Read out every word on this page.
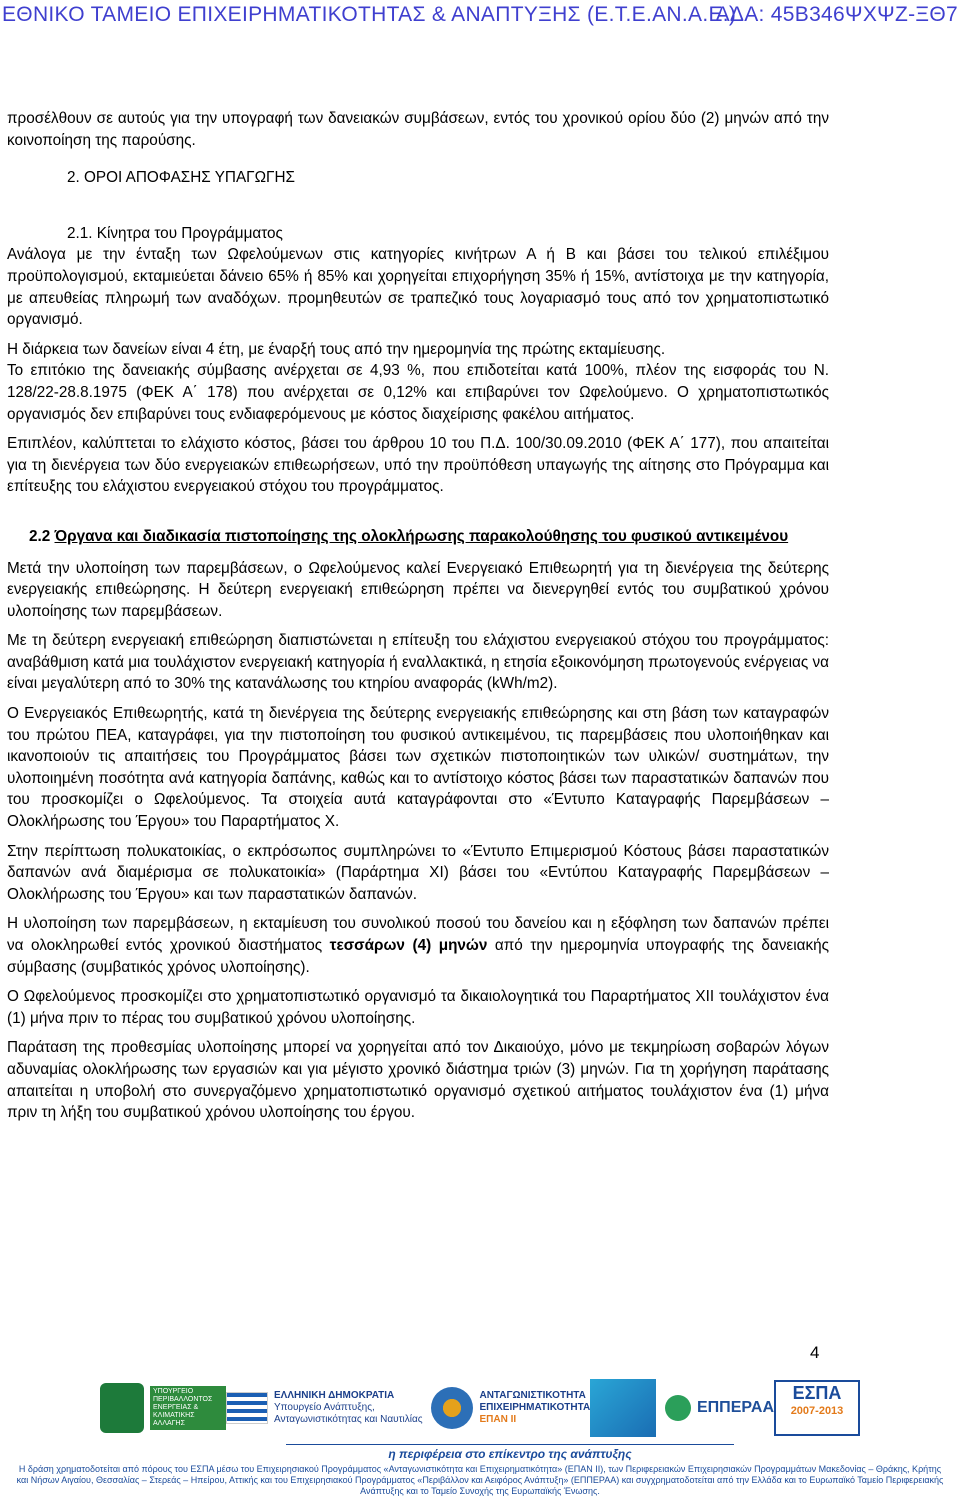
ΕΘΝΙΚΟ ΤΑΜΕΙΟ ΕΠΙΧΕΙΡΗΜΑΤΙΚΟΤΗΤΑΣ & ΑΝΑΠΤΥΞΗΣ (Ε.Τ.Ε.ΑΝ.Α.Ε.)
ΑΔΑ: 45Β346ΨΧΨΖ-ΞΘ7

προσέλθουν σε αυτούς για την υπογραφή των δανειακών συμβάσεων, εντός του χρονικού ορίου δύο (2) μηνών από την κοινοποίηση της παρούσης.

2. ΟΡΟΙ ΑΠΟΦΑΣΗΣ ΥΠΑΓΩΓΗΣ

2.1. Κίνητρα του Προγράμματος

Ανάλογα με την ένταξη των Ωφελούμενων στις κατηγορίες κινήτρων Α ή Β και βάσει του τελικού επιλέξιμου προϋπολογισμού, εκταμιεύεται δάνειο 65% ή 85% και χορηγείται επιχορήγηση 35% ή 15%, αντίστοιχα με την κατηγορία, με απευθείας πληρωμή των αναδόχων. προμηθευτών σε τραπεζικό τους λογαριασμό τους από τον χρηματοπιστωτικό οργανισμό.

Η διάρκεια των δανείων είναι 4 έτη, με έναρξή τους από την ημερομηνία της πρώτης εκταμίευσης.

Το επιτόκιο της δανειακής σύμβασης ανέρχεται σε 4,93 %, που επιδοτείται κατά 100%, πλέον της εισφοράς του Ν. 128/22-28.8.1975 (ΦΕΚ Α΄ 178) που ανέρχεται σε 0,12% και επιβαρύνει τον Ωφελούμενο. Ο χρηματοπιστωτικός οργανισμός δεν επιβαρύνει τους ενδιαφερόμενους με κόστος διαχείρισης φακέλου αιτήματος.

Επιπλέον, καλύπτεται το ελάχιστο κόστος, βάσει του άρθρου 10 του Π.Δ. 100/30.09.2010 (ΦΕΚ Α΄ 177), που απαιτείται για τη διενέργεια των δύο ενεργειακών επιθεωρήσεων, υπό την προϋπόθεση υπαγωγής της αίτησης στο Πρόγραμμα και επίτευξης του ελάχιστου ενεργειακού στόχου του προγράμματος.

2.2 Όργανα και διαδικασία πιστοποίησης της ολοκλήρωσης παρακολούθησης του φυσικού αντικειμένου

Μετά την υλοποίηση των παρεμβάσεων, ο Ωφελούμενος καλεί Ενεργειακό Επιθεωρητή για τη διενέργεια της δεύτερης ενεργειακής επιθεώρησης. Η δεύτερη ενεργειακή επιθεώρηση πρέπει να διενεργηθεί εντός του συμβατικού χρόνου υλοποίησης των παρεμβάσεων.

Με τη δεύτερη ενεργειακή επιθεώρηση διαπιστώνεται η επίτευξη του ελάχιστου ενεργειακού στόχου του προγράμματος: αναβάθμιση κατά μια τουλάχιστον ενεργειακή κατηγορία ή εναλλακτικά, η ετησία εξοικονόμηση πρωτογενούς ενέργειας να είναι μεγαλύτερη από το 30% της κατανάλωσης του κτηρίου αναφοράς (kWh/m2).

Ο Ενεργειακός Επιθεωρητής, κατά τη διενέργεια της δεύτερης ενεργειακής επιθεώρησης και στη βάση των καταγραφών του πρώτου ΠΕΑ, καταγράφει, για την πιστοποίηση του φυσικού αντικειμένου, τις παρεμβάσεις που υλοποιήθηκαν και ικανοποιούν τις απαιτήσεις του Προγράμματος βάσει των σχετικών πιστοποιητικών των υλικών/ συστημάτων, την υλοποιημένη ποσότητα ανά κατηγορία δαπάνης, καθώς και το αντίστοιχο κόστος βάσει των παραστατικών δαπανών που του προσκομίζει ο Ωφελούμενος. Τα στοιχεία αυτά καταγράφονται στο «Έντυπο Καταγραφής Παρεμβάσεων – Ολοκλήρωσης του Έργου» του Παραρτήματος Χ.

Στην περίπτωση πολυκατοικίας, ο εκπρόσωπος συμπληρώνει το «Έντυπο Επιμερισμού Κόστους βάσει παραστατικών δαπανών ανά διαμέρισμα σε πολυκατοικία» (Παράρτημα ΧΙ) βάσει του «Εντύπου Καταγραφής Παρεμβάσεων – Ολοκλήρωσης του Έργου» και των παραστατικών δαπανών.

Η υλοποίηση των παρεμβάσεων, η εκταμίευση του συνολικού ποσού του δανείου και η εξόφληση των δαπανών πρέπει να ολοκληρωθεί εντός χρονικού διαστήματος τεσσάρων (4) μηνών από την ημερομηνία υπογραφής της δανειακής σύμβασης (συμβατικός χρόνος υλοποίησης).

Ο Ωφελούμενος προσκομίζει στο χρηματοπιστωτικό οργανισμό τα δικαιολογητικά του Παραρτήματος XII τουλάχιστον ένα (1) μήνα πριν το πέρας του συμβατικού χρόνου υλοποίησης.

Παράταση της προθεσμίας υλοποίησης μπορεί να χορηγείται από τον Δικαιούχο, μόνο με τεκμηρίωση σοβαρών λόγων αδυναμίας ολοκλήρωσης των εργασιών και για μέγιστο χρονικό διάστημα τριών (3) μηνών. Για τη χορήγηση παράτασης απαιτείται η υποβολή στο συνεργαζόμενο χρηματοπιστωτικό οργανισμό σχετικού αιτήματος τουλάχιστον ένα (1) μήνα πριν τη λήξη του συμβατικού χρόνου υλοποίησης του έργου.

4
ΥΠΟΥΡΓΕΙΟ ΠΕΡΙΒΑΛΛΟΝΤΟΣ ΕΝΕΡΓΕΙΑΣ & ΚΛΙΜΑΤΙΚΗΣ ΑΛΛΑΓΗΣ
ΕΛΛΗΝΙΚΗ ΔΗΜΟΚΡΑΤΙΑ
Υπουργείο Ανάπτυξης,
Ανταγωνιστικότητας και Ναυτιλίας
ΑΝΤΑΓΩΝΙΣΤΙΚΟΤΗΤΑ
ΕΠΙΧΕΙΡΗΜΑΤΙΚΟΤΗΤΑ
ΕΠΑΝ ΙΙ
ΕΠΠΕΡΑΑ
ΕΣΠΑ
2007-2013
η περιφέρεια στο επίκεντρο της ανάπτυξης
Η δράση χρηματοδοτείται από πόρους του ΕΣΠΑ μέσω του Επιχειρησιακού Προγράμματος «Ανταγωνιστικότητα και Επιχειρηματικότητα» (ΕΠΑΝ ΙΙ), των Περιφερειακών Επιχειρησιακών Προγραμμάτων Μακεδονίας – Θράκης, Κρήτης και Νήσων Αιγαίου, Θεσσαλίας – Στερεάς – Ηπείρου, Αττικής και του Επιχειρησιακού Προγράμματος «Περιβάλλον και Αειφόρος Ανάπτυξη» (ΕΠΠΕΡΑΑ) και συγχρηματοδοτείται από την Ελλάδα και το Ευρωπαϊκό Ταμείο Περιφερειακής Ανάπτυξης και το Ταμείο Συνοχής της Ευρωπαϊκής Ένωσης.
